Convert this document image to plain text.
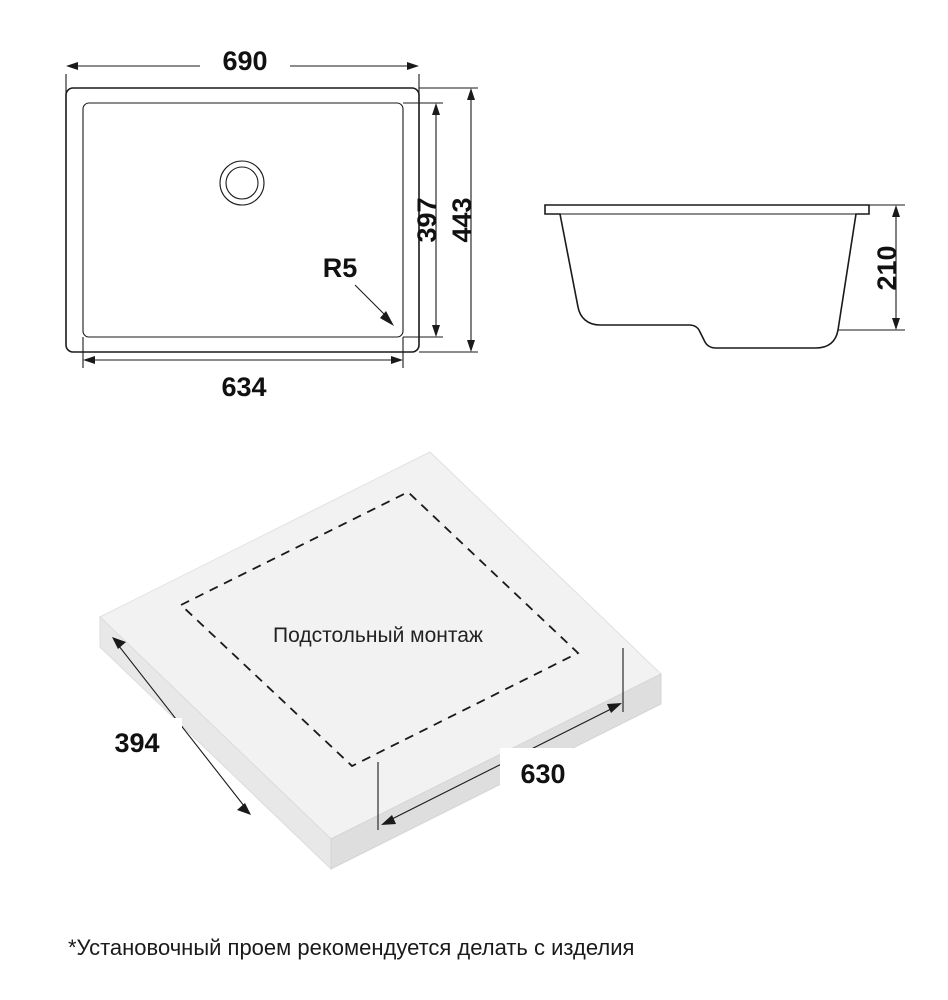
690
634
397 443
R5	210
Подстольный монтаж
394
630
*Установочный проем рекомендуется делать с изделия
